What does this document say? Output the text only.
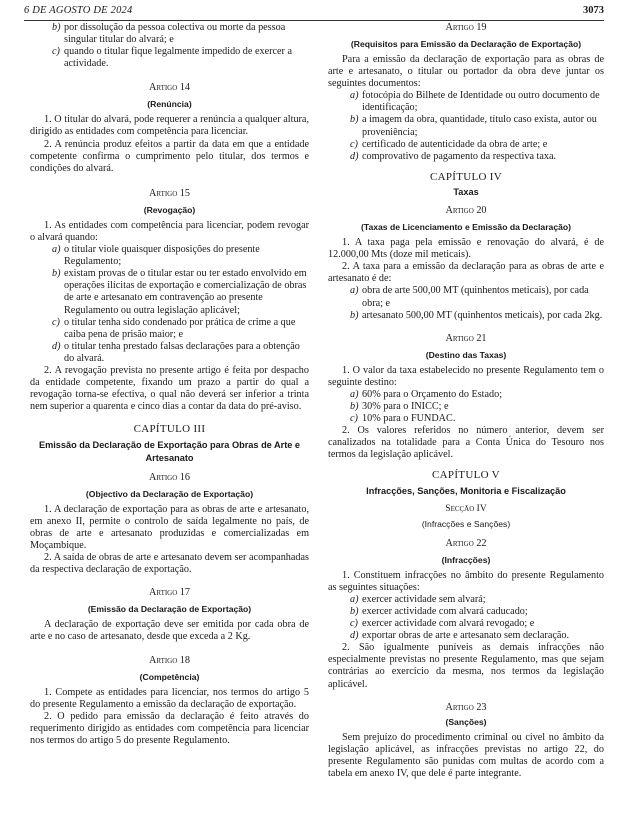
6 DE AGOSTO DE 2024	3073
b) por dissolução da pessoa colectiva ou morte da pessoa singular titular do alvará; e
c) quando o titular fique legalmente impedido de exercer a actividade.
Artigo 14
(Renúncia)

1. O titular do alvará, pode requerer a renúncia a qualquer altura, dirigido as entidades com competência para licenciar.

2. A renúncia produz efeitos a partir da data em que a entidade competente confirma o cumprimento pelo titular, dos termos e condições do alvará.

Artigo 15
(Revogação)

1. As entidades com competência para licenciar, podem revogar o alvará quando:

a) o titular viole quaisquer disposições do presente Regulamento;
b) existam provas de o titular estar ou ter estado envolvido em operações ilícitas de exportação e comercialização de obras de arte e artesanato em contravenção ao presente Regulamento ou outra legislação aplicável;
c) o titular tenha sido condenado por prática de crime a que caiba pena de prisão maior; e
d) o titular tenha prestado falsas declarações para a obtenção do alvará.

2. A revogação prevista no presente artigo é feita por despacho da entidade competente, fixando um prazo a partir do qual a revogação torna-se efectiva, o qual não deverá ser inferior a trinta nem superior a quarenta e cinco dias a contar da data do pré-aviso.

CAPÍTULO III
Emissão da Declaração de Exportação para Obras de Arte e Artesanato
Artigo 16
(Objectivo da Declaração de Exportação)

1. A declaração de exportação para as obras de arte e artesanato, em anexo II, permite o controlo de saída legalmente no país, de obras de arte e artesanato produzidas e comercializadas em Moçambique.

2. A saída de obras de arte e artesanato devem ser acompanhadas da respectiva declaração de exportação.

Artigo 17
(Emissão da Declaração de Exportação)

A declaração de exportação deve ser emitida por cada obra de arte e no caso de artesanato, desde que exceda a 2 Kg.

Artigo 18
(Competência)

1. Compete as entidades para licenciar, nos termos do artigo 5 do presente Regulamento a emissão da declaração de exportação.

2. O pedido para emissão da declaração é feito através do requerimento dirigido as entidades com competência para licenciar nos termos do artigo 5 do presente Regulamento.

Artigo 19
(Requisitos para Emissão da Declaração de Exportação)

Para a emissão da declaração de exportação para as obras de arte e artesanato, o titular ou portador da obra deve juntar os seguintes documentos:

a) fotocópia do Bilhete de Identidade ou outro documento de identificação;
b) a imagem da obra, quantidade, título caso exista, autor ou proveniência;
c) certificado de autenticidade da obra de arte; e
d) comprovativo de pagamento da respectiva taxa.
CAPÍTULO IV
Taxas
Artigo 20
(Taxas de Licenciamento e Emissão da Declaração)

1. A taxa paga pela emissão e renovação do alvará, é de 12.000,00 Mts (doze mil meticais).

2. A taxa para a emissão da declaração para as obras de arte e artesanato é de:

a) obra de arte 500,00 MT (quinhentos meticais), por cada obra; e
b) artesanato 500,00 MT (quinhentos meticais), por cada 2kg.
Artigo 21
(Destino das Taxas)

1. O valor da taxa estabelecido no presente Regulamento tem o seguinte destino:

a) 60% para o Orçamento do Estado;
b) 30% para o INICC; e
c) 10% para o FUNDAC.

2. Os valores referidos no número anterior, devem ser canalizados na totalidade para a Conta Única do Tesouro nos termos da legislação aplicável.

CAPÍTULO V
Infracções, Sanções, Monitoria e Fiscalização
Secção IV
(Infracções e Sanções)
Artigo 22
(Infracções)

1. Constituem infracções no âmbito do presente Regulamento as seguintes situações:

a) exercer actividade sem alvará;
b) exercer actividade com alvará caducado;
c) exercer actividade com alvará revogado; e
d) exportar obras de arte e artesanato sem declaração.

2. São igualmente puníveis as demais infracções não especialmente previstas no presente Regulamento, mas que sejam contrárias ao exercício da mesma, nos termos da legislação aplicável.

Artigo 23
(Sanções)

Sem prejuízo do procedimento criminal ou cível no âmbito da legislação aplicável, as infracções previstas no artigo 22, do presente Regulamento são punidas com multas de acordo com a tabela em anexo IV, que dele é parte integrante.
